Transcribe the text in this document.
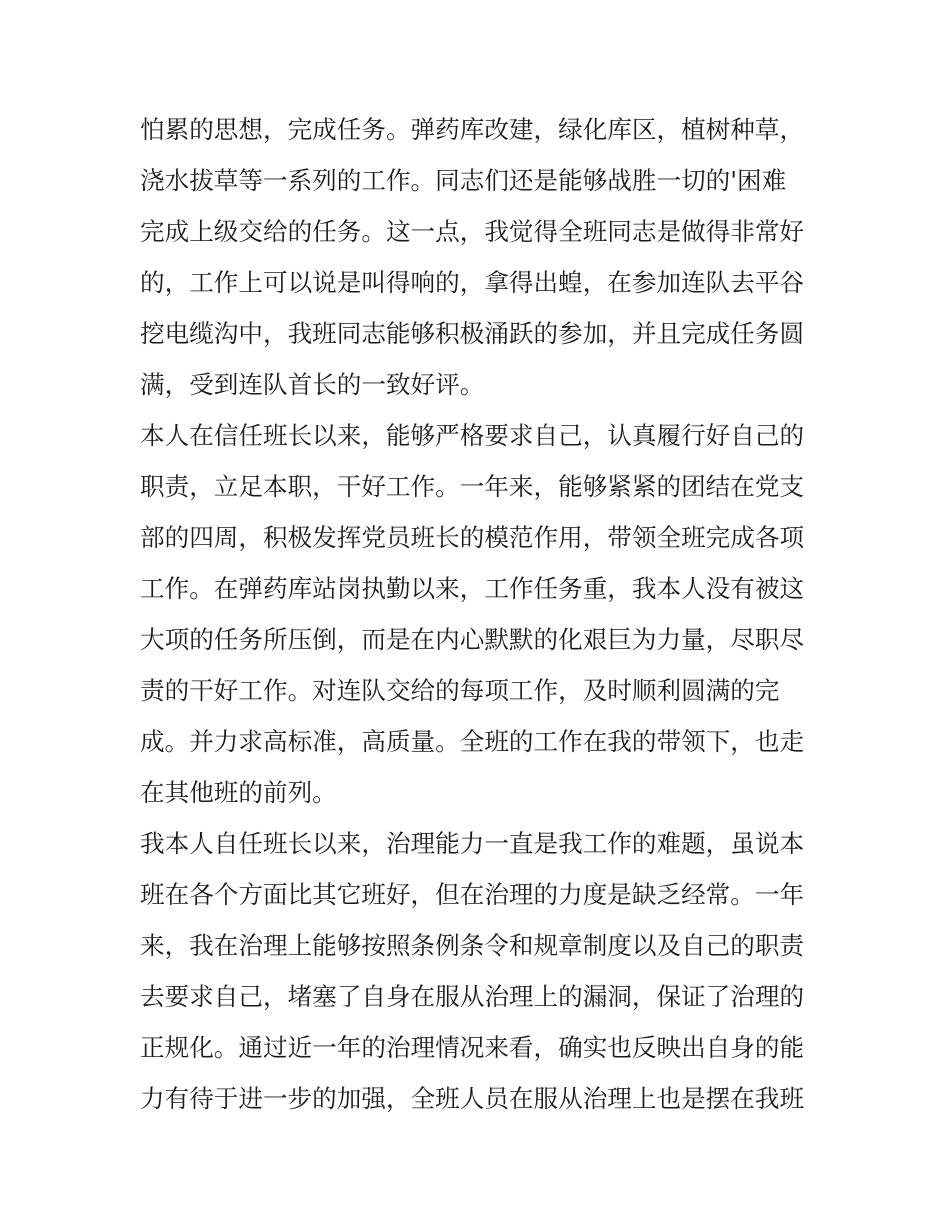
怕累的思想，完成任务。弹药库改建，绿化库区，植树种草，
浇水拔草等一系列的工作。同志们还是能够战胜一切的'困难
完成上级交给的任务。这一点，我觉得全班同志是做得非常好
的，工作上可以说是叫得响的，拿得出蝗，在参加连队去平谷
挖电缆沟中，我班同志能够积极涌跃的参加，并且完成任务圆
满，受到连队首长的一致好评。
本人在信任班长以来，能够严格要求自己，认真履行好自己的
职责，立足本职，干好工作。一年来，能够紧紧的团结在党支
部的四周，积极发挥党员班长的模范作用，带领全班完成各项
工作。在弹药库站岗执勤以来，工作任务重，我本人没有被这
大项的任务所压倒，而是在内心默默的化艰巨为力量，尽职尽
责的干好工作。对连队交给的每项工作，及时顺利圆满的完
成。并力求高标准，高质量。全班的工作在我的带领下，也走
在其他班的前列。
我本人自任班长以来，治理能力一直是我工作的难题，虽说本
班在各个方面比其它班好，但在治理的力度是缺乏经常。一年
来，我在治理上能够按照条例条令和规章制度以及自己的职责
去要求自己，堵塞了自身在服从治理上的漏洞，保证了治理的
正规化。通过近一年的治理情况来看，确实也反映出自身的能
力有待于进一步的加强，全班人员在服从治理上也是摆在我班
